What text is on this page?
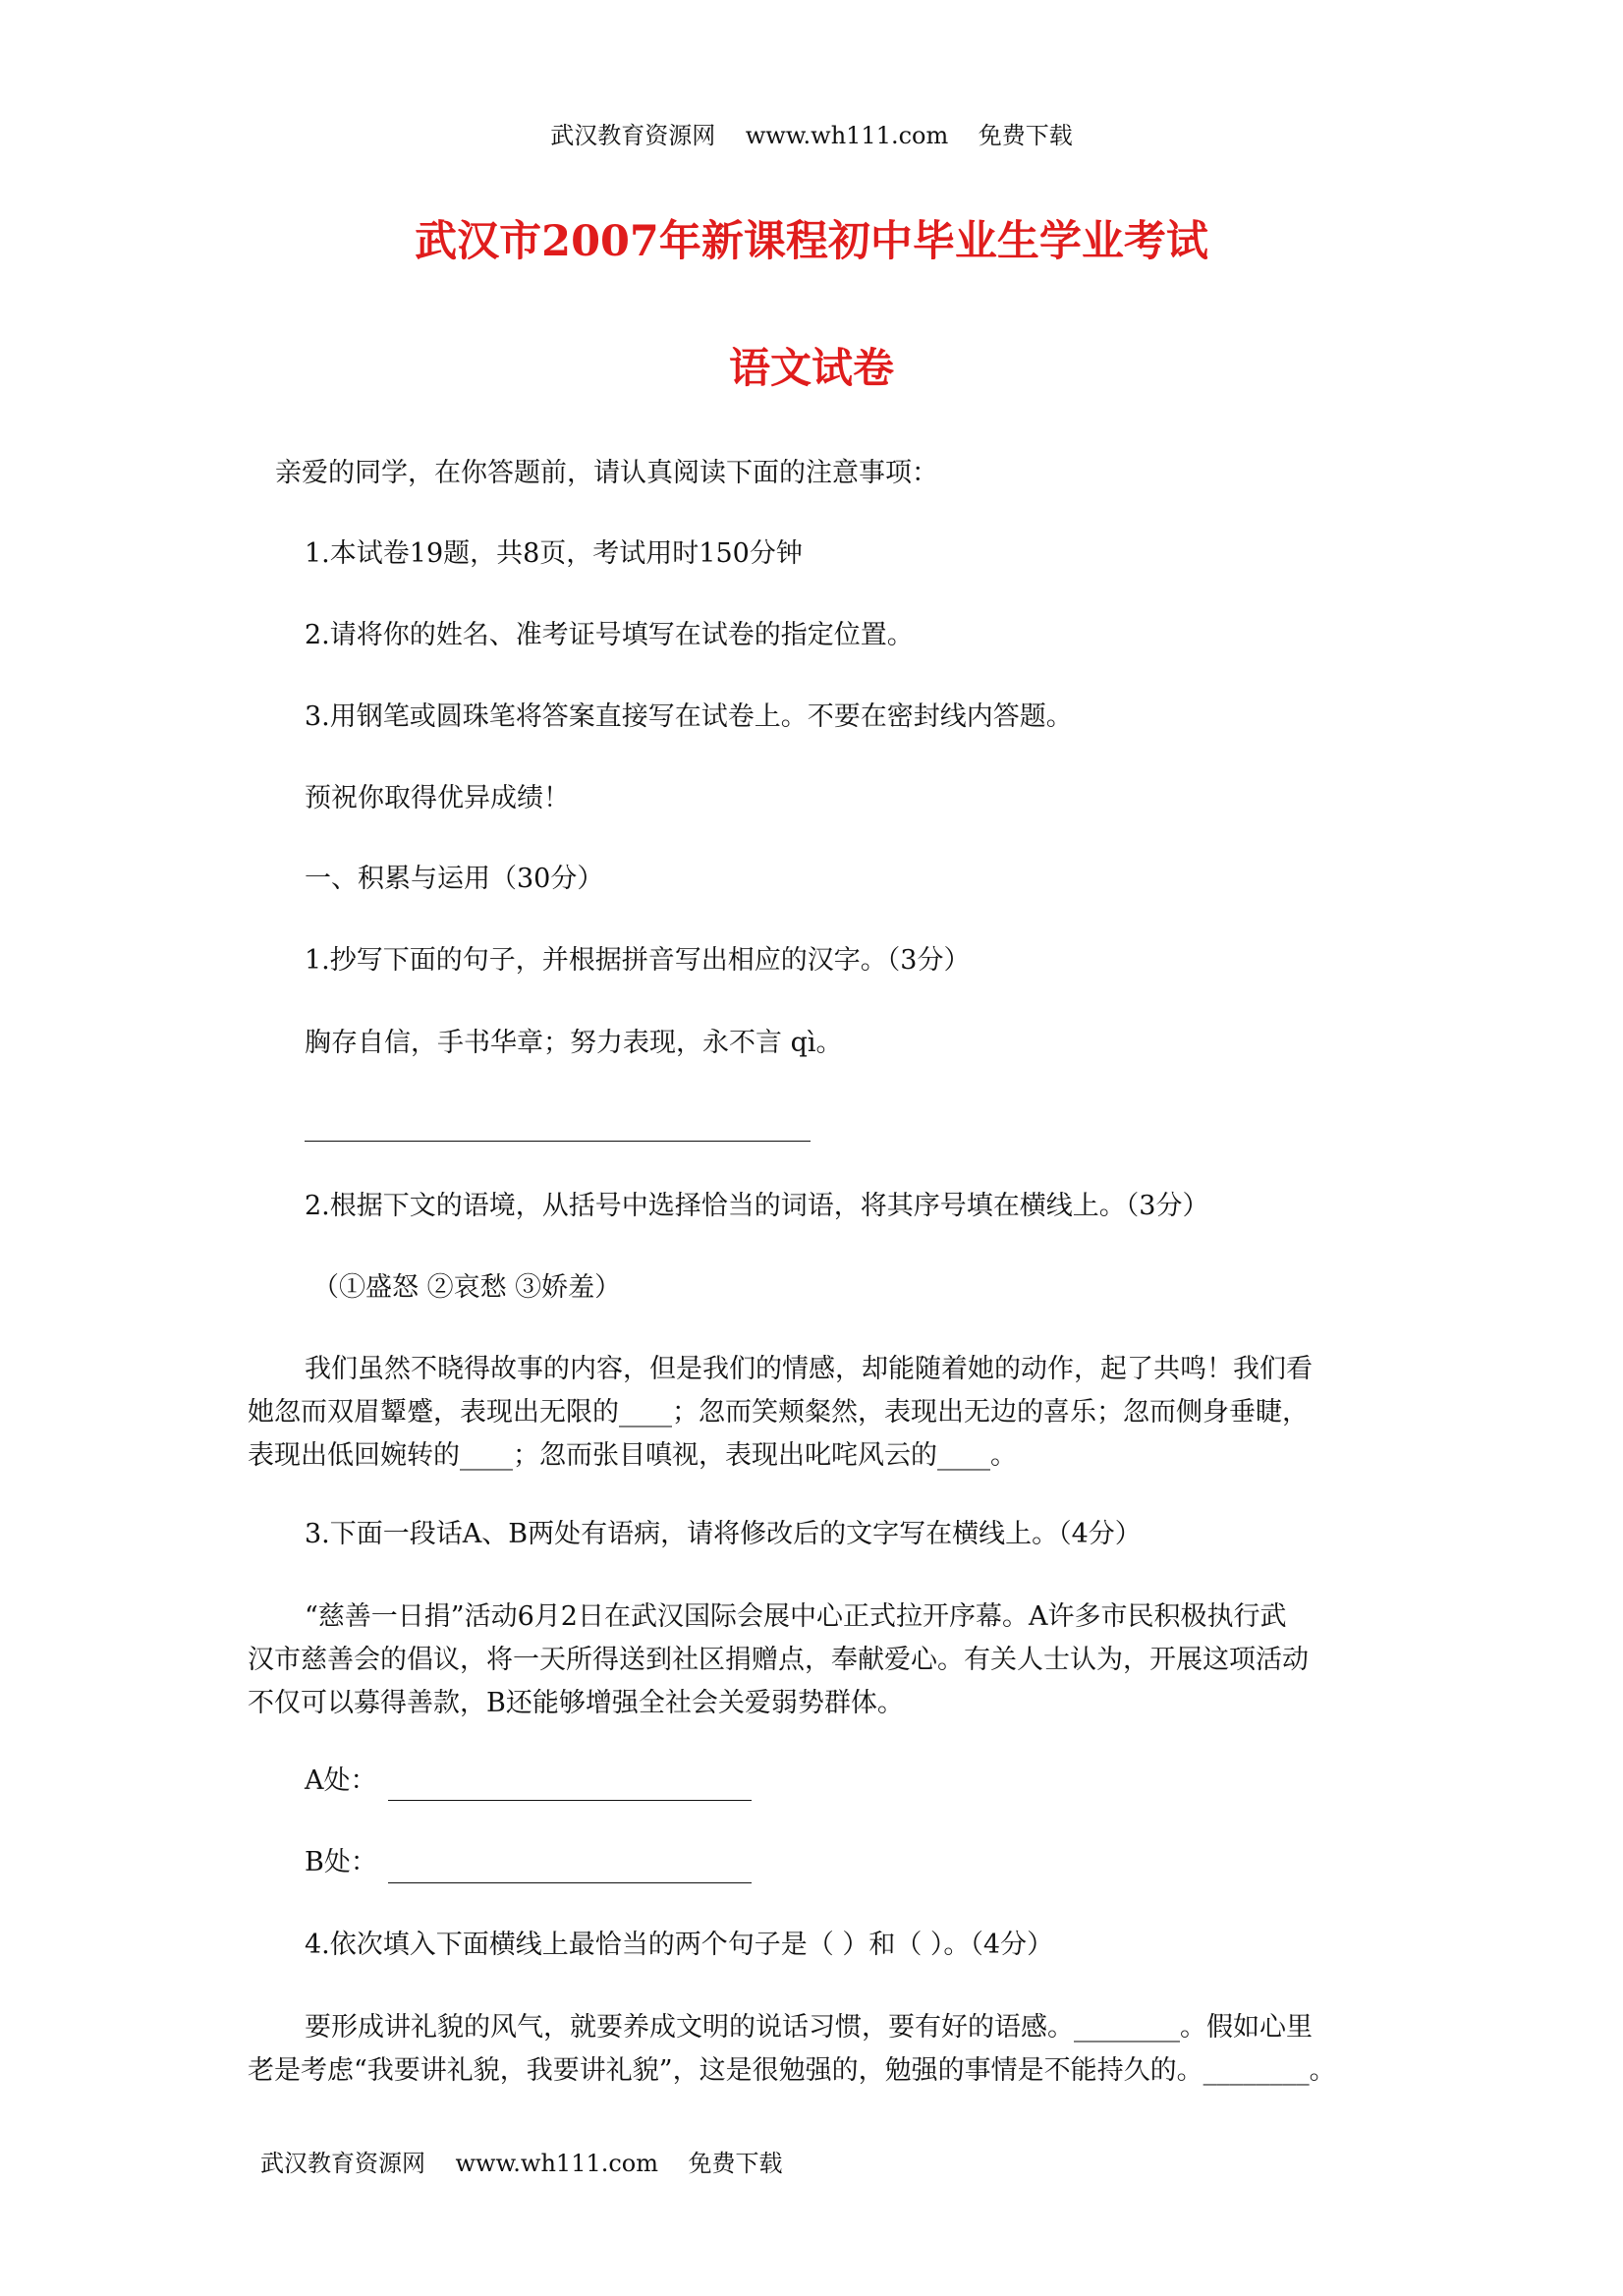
武汉教育资源网    www.wh111.com    免费下载
武汉市2007年新课程初中毕业生学业考试
语文试卷
亲爱的同学，在你答题前，请认真阅读下面的注意事项：
1.本试卷19题，共8页，考试用时150分钟
2.请将你的姓名、准考证号填写在试卷的指定位置。
3.用钢笔或圆珠笔将答案直接写在试卷上。不要在密封线内答题。
预祝你取得优异成绩！
一、积累与运用（30分）
1.抄写下面的句子，并根据拼音写出相应的汉字。（3分）
胸存自信，手书华章；努力表现，永不言 qì。
2.根据下文的语境，从括号中选择恰当的词语，将其序号填在横线上。（3分）
（①盛怒 ②哀愁 ③娇羞）
我们虽然不晓得故事的内容，但是我们的情感，却能随着她的动作，起了共鸣！我们看
她忽而双眉颦蹙，表现出无限的____；忽而笑颊粲然，表现出无边的喜乐；忽而侧身垂睫，
表现出低回婉转的____；忽而张目嗔视，表现出叱咤风云的____。
3.下面一段话A、B两处有语病，请将修改后的文字写在横线上。（4分）
“慈善一日捐”活动6月2日在武汉国际会展中心正式拉开序幕。A许多市民积极执行武
汉市慈善会的倡议，将一天所得送到社区捐赠点，奉献爱心。有关人士认为，开展这项活动
不仅可以募得善款，B还能够增强全社会关爱弱势群体。
A处：
B处：
4.依次填入下面横线上最恰当的两个句子是（ ）和（ ）。（4分）
要形成讲礼貌的风气，就要养成文明的说话习惯，要有好的语感。________。假如心里
老是考虑“我要讲礼貌，我要讲礼貌”，这是很勉强的，勉强的事情是不能持久的。________。
武汉教育资源网    www.wh111.com    免费下载
